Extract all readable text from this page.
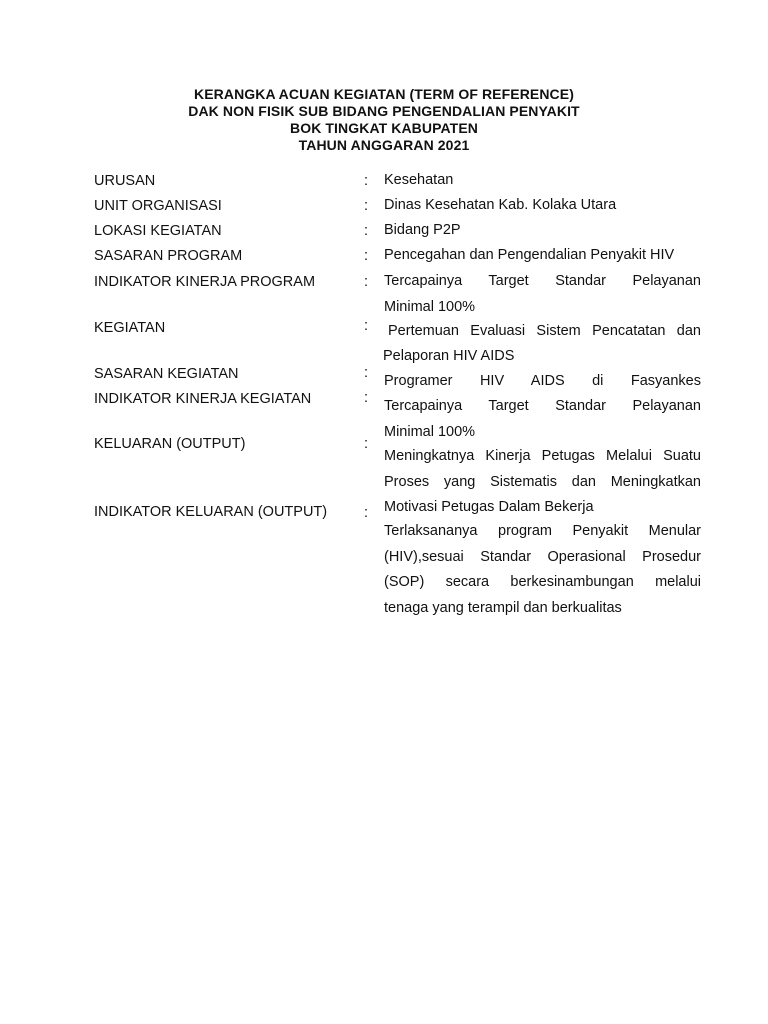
KERANGKA ACUAN KEGIATAN (TERM OF REFERENCE)
DAK NON FISIK SUB BIDANG PENGENDALIAN PENYAKIT
BOK TINGKAT KABUPATEN
TAHUN ANGGARAN 2021
URUSAN	: Kesehatan
UNIT ORGANISASI	: Dinas Kesehatan Kab. Kolaka Utara
LOKASI KEGIATAN	: Bidang P2P
SASARAN PROGRAM	: Pencegahan dan Pengendalian Penyakit HIV
INDIKATOR KINERJA PROGRAM	: Tercapainya Target Standar Pelayanan
Minimal 100%
KEGIATAN	: Pertemuan Evaluasi Sistem Pencatatan dan
Pelaporan HIV AIDS
SASARAN KEGIATAN	: Programer HIV AIDS di Fasyankes
INDIKATOR KINERJA KEGIATAN	: Tercapainya Target Standar Pelayanan
Minimal 100%
KELUARAN (OUTPUT)	:
Meningkatnya Kinerja Petugas Melalui Suatu
Proses yang Sistematis dan Meningkatkan
Motivasi Petugas Dalam Bekerja
INDIKATOR KELUARAN (OUTPUT)	:
Terlaksananya program Penyakit Menular
(HIV),sesuai Standar Operasional Prosedur
(SOP) secara berkesinambungan melalui
tenaga yang terampil dan berkualitas
